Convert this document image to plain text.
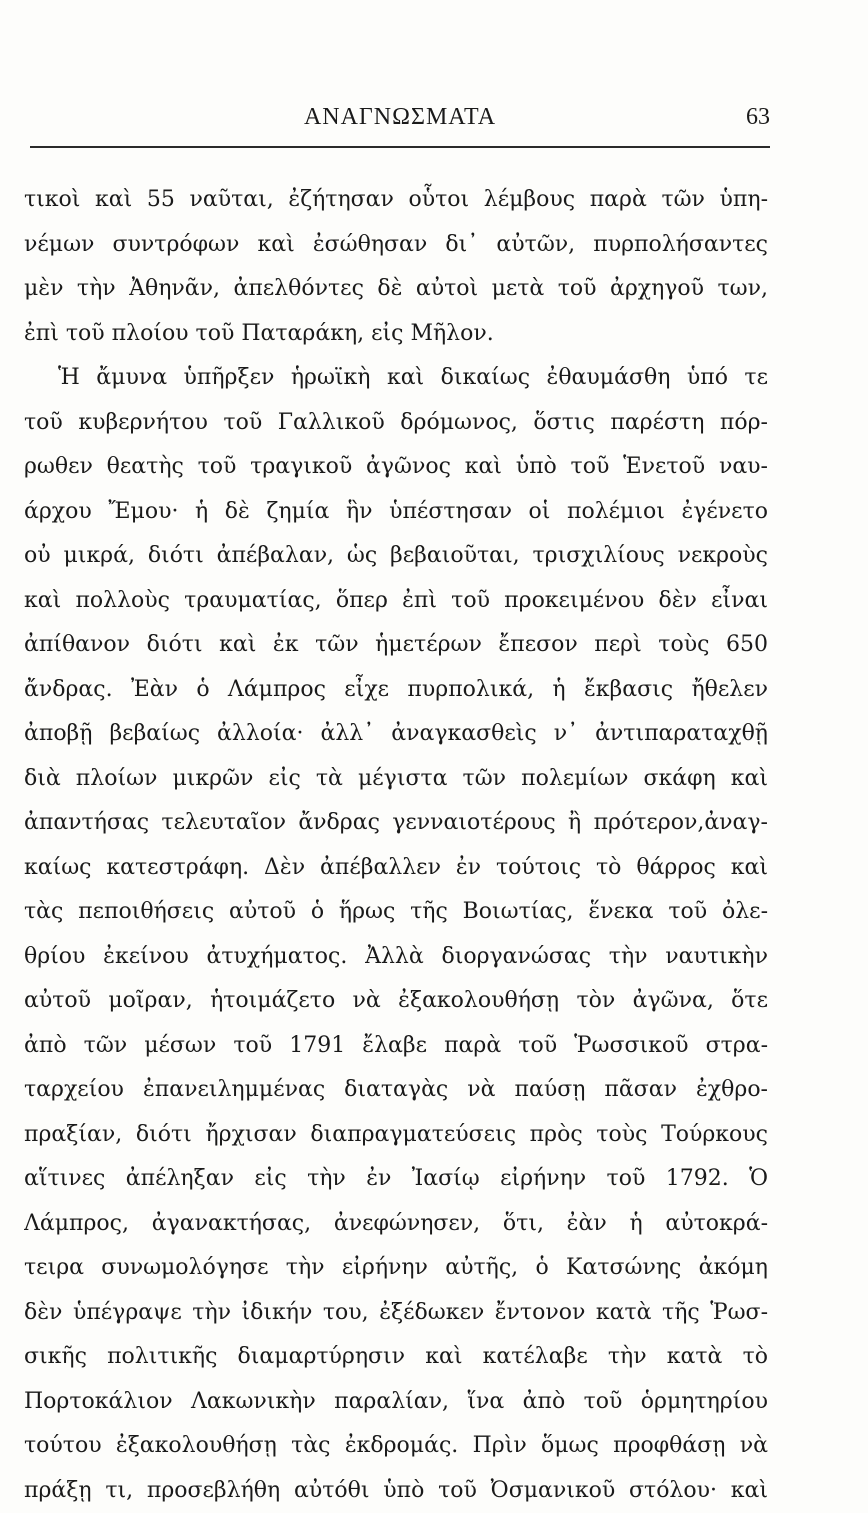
ΑΝΑΓΝΩΣΜΑΤΑ	63
τικοὶ καὶ 55 ναῦται, ἐζήτησαν οὗτοι λέμβους παρὰ τῶν ὑπη-
νέμων συντρόφων καὶ ἐσώθησαν δι᾽ αὐτῶν, πυρπολήσαντες
μὲν τὴν Ἀθηνᾶν, ἀπελθόντες δὲ αὐτοὶ μετὰ τοῦ ἀρχηγοῦ των,
ἐπὶ τοῦ πλοίου τοῦ Παταράκη, εἰς Μῆλον.
Ἡ ἄμυνα ὑπῆρξεν ἡρωϊκὴ καὶ δικαίως ἐθαυμάσθη ὑπό τε
τοῦ κυβερνήτου τοῦ Γαλλικοῦ δρόμωνος, ὅστις παρέστη πόρ-
ρωθεν θεατὴς τοῦ τραγικοῦ ἀγῶνος καὶ ὑπὸ τοῦ Ἑνετοῦ ναυ-
άρχου Ἔμου· ἡ δὲ ζημία ἣν ὑπέστησαν οἱ πολέμιοι ἐγένετο
οὐ μικρά, διότι ἀπέβαλαν, ὡς βεβαιοῦται, τρισχιλίους νεκροὺς
καὶ πολλοὺς τραυματίας, ὅπερ ἐπὶ τοῦ προκειμένου δὲν εἶναι
ἀπίθανον διότι καὶ ἐκ τῶν ἡμετέρων ἔπεσον περὶ τοὺς 650
ἄνδρας. Ἐὰν ὁ Λάμπρος εἶχε πυρπολικά, ἡ ἔκβασις ἤθελεν
ἀποβῇ βεβαίως ἀλλοία· ἀλλ᾽ ἀναγκασθεὶς ν᾽ ἀντιπαραταχθῇ
διὰ πλοίων μικρῶν εἰς τὰ μέγιστα τῶν πολεμίων σκάφη καὶ
ἀπαντήσας τελευταῖον ἄνδρας γενναιοτέρους ἢ πρότερον,ἀναγ-
καίως κατεστράφη. Δὲν ἀπέβαλλεν ἐν τούτοις τὸ θάρρος καὶ
τὰς πεποιθήσεις αὐτοῦ ὁ ἥρως τῆς Βοιωτίας, ἕνεκα τοῦ ὀλε-
θρίου ἐκείνου ἀτυχήματος. Ἀλλὰ διοργανώσας τὴν ναυτικὴν
αὐτοῦ μοῖραν, ἡτοιμάζετο νὰ ἐξακολουθήσῃ τὸν ἀγῶνα, ὅτε
ἀπὸ τῶν μέσων τοῦ 1791 ἔλαβε παρὰ τοῦ Ῥωσσικοῦ στρα-
ταρχείου ἐπανειλημμένας διαταγὰς νὰ παύσῃ πᾶσαν ἐχθρο-
πραξίαν, διότι ἤρχισαν διαπραγματεύσεις πρὸς τοὺς Τούρκους
αἵτινες ἀπέληξαν εἰς τὴν ἐν Ἰασίῳ εἰρήνην τοῦ 1792. Ὁ
Λάμπρος, ἀγανακτήσας, ἀνεφώνησεν, ὅτι, ἐὰν ἡ αὐτοκρά-
τειρα συνωμολόγησε τὴν εἰρήνην αὐτῆς, ὁ Κατσώνης ἀκόμη
δὲν ὑπέγραψε τὴν ἰδικήν του, ἐξέδωκεν ἔντονον κατὰ τῆς Ῥωσ-
σικῆς πολιτικῆς διαμαρτύρησιν καὶ κατέλαβε τὴν κατὰ τὸ
Πορτοκάλιον Λακωνικὴν παραλίαν, ἵνα ἀπὸ τοῦ ὁρμητηρίου
τούτου ἐξακολουθήσῃ τὰς ἐκδρομάς. Πρὶν ὅμως προφθάσῃ νὰ
πράξῃ τι, προσεβλήθη αὐτόθι ὑπὸ τοῦ Ὀσμανικοῦ στόλου· καὶ
